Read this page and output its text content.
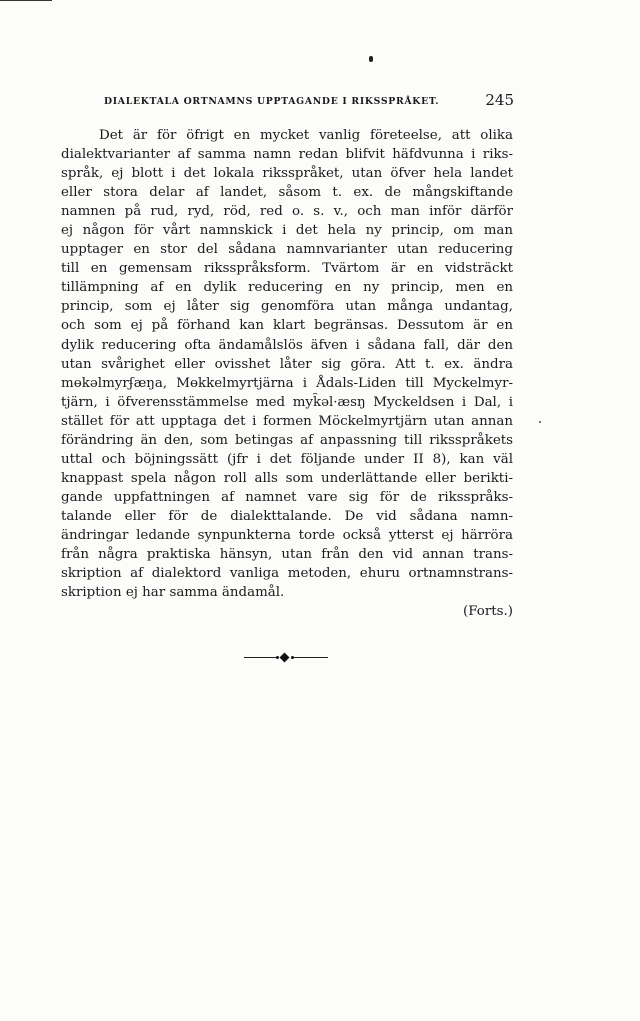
DIALEKTALA ORTNAMNS UPPTAGANDE I RIKSSPRÅKET.	245
Det är för öfrigt en mycket vanlig företeelse, att olika
dialektvarianter af samma namn redan blifvit häfdvunna i riks-
språk, ej blott i det lokala riksspråket, utan öfver hela landet
eller stora delar af landet, såsom t. ex. de mångskiftande
namnen på rud, ryd, röd, red o. s. v., och man inför därför
ej någon för vårt namnskick i det hela ny princip, om man
upptager en stor del sådana namnvarianter utan reducering
till en gemensam riksspråksform. Tvärtom är en vidsträckt
tillämpning af en dylik reducering en ny princip, men en
princip, som ej låter sig genomföra utan många undantag,
och som ej på förhand kan klart begränsas. Dessutom är en
dylik reducering ofta ändamålslös äfven i sådana fall, där den
utan svårighet eller ovisshet låter sig göra. Att t. ex. ändra
mɵkəlmyrʄæŋa, Mɵkkelmyrtjärna i Ådals-Liden till Myckelmyr-
tjärn, i öfverensstämmelse med myk̑əl·æsŋ Myckeldsen i Dal, i
stället för att upptaga det i formen Möckelmyrtjärn utan annan
förändring än den, som betingas af anpassning till riksspråkets
uttal och böjningssätt (jfr i det följande under II 8), kan väl
knappast spela någon roll alls som underlättande eller berikti-
gande uppfattningen af namnet vare sig för de riksspråks-
talande eller för de dialekttalande. De vid sådana namn-
ändringar ledande synpunkterna torde också ytterst ej härröra
från några praktiska hänsyn, utan från den vid annan trans-
skription af dialektord vanliga metoden, ehuru ortnamnstrans-
skription ej har samma ändamål.
(Forts.)
